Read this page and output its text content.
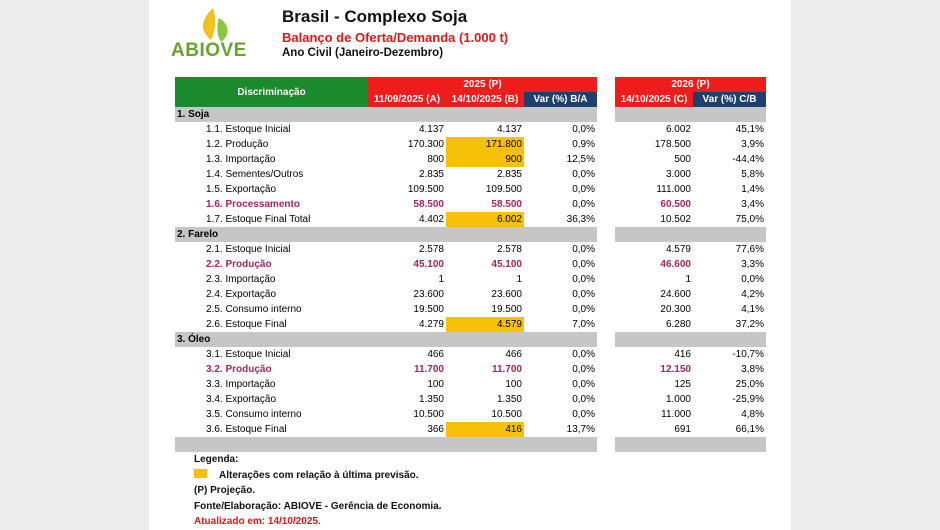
ABIOVE
Brasil - Complexo Soja
Balanço de Oferta/Demanda (1.000 t)
Ano Civil (Janeiro-Dezembro)
Discriminação	2025 (P)				2026 (P)	
	11/09/2025 (A)	14/10/2025 (B)	Var (%) B/A		14/10/2025 (C)	Var (%) C/B
1. Soja						
1.1. Estoque Inicial	4.137	4.137	0,0%		6.002	45,1%
1.2. Produção	170.300	171.800	0,9%		178.500	3,9%
1.3. Importação	800	900	12,5%		500	-44,4%
1.4. Sementes/Outros	2.835	2.835	0,0%		3.000	5,8%
1.5. Exportação	109.500	109.500	0,0%		111.000	1,4%
1.6. Processamento	58.500	58.500	0,0%		60.500	3,4%
1.7. Estoque Final Total	4.402	6.002	36,3%		10.502	75,0%
2. Farelo						
2.1. Estoque Inicial	2.578	2.578	0,0%		4.579	77,6%
2.2. Produção	45.100	45.100	0,0%		46.600	3,3%
2.3. Importação	1	1	0,0%		1	0,0%
2.4. Exportação	23.600	23.600	0,0%		24.600	4,2%
2.5. Consumo interno	19.500	19.500	0,0%		20.300	4,1%
2.6. Estoque Final	4.279	4.579	7,0%		6.280	37,2%
3. Óleo						
3.1. Estoque Inicial	466	466	0,0%		416	-10,7%
3.2. Produção	11.700	11.700	0,0%		12.150	3,8%
3.3. Importação	100	100	0,0%		125	25,0%
3.4. Exportação	1.350	1.350	0,0%		1.000	-25,9%
3.5. Consumo interno	10.500	10.500	0,0%		11.000	4,8%
3.6. Estoque Final	366	416	13,7%		691	66,1%

Legenda:
Alterações com relação à última previsão.
(P) Projeção.
Fonte/Elaboração: ABIOVE - Gerência de Economia.
Atualizado em: 14/10/2025.
